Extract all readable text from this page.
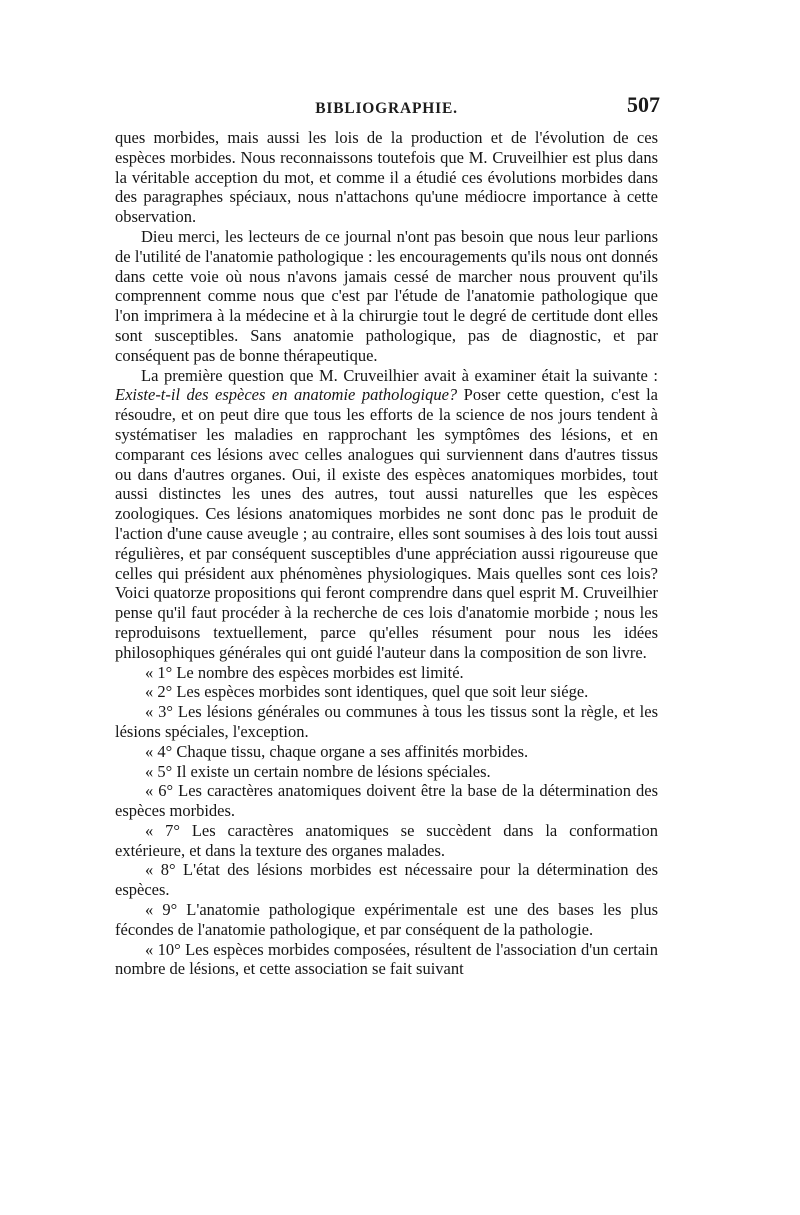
BIBLIOGRAPHIE.	507

ques morbides, mais aussi les lois de la production et de l'évolution de ces espèces morbides. Nous reconnaissons toutefois que M. Cruveilhier est plus dans la véritable acception du mot, et comme il a étudié ces évolutions morbides dans des paragraphes spéciaux, nous n'attachons qu'une médiocre importance à cette observation.

Dieu merci, les lecteurs de ce journal n'ont pas besoin que nous leur parlions de l'utilité de l'anatomie pathologique : les encouragements qu'ils nous ont donnés dans cette voie où nous n'avons jamais cessé de marcher nous prouvent qu'ils comprennent comme nous que c'est par l'étude de l'anatomie pathologique que l'on imprimera à la médecine et à la chirurgie tout le degré de certitude dont elles sont susceptibles. Sans anatomie pathologique, pas de diagnostic, et par conséquent pas de bonne thérapeutique.

La première question que M. Cruveilhier avait à examiner était la suivante : Existe-t-il des espèces en anatomie pathologique? Poser cette question, c'est la résoudre, et on peut dire que tous les efforts de la science de nos jours tendent à systématiser les maladies en rapprochant les symptômes des lésions, et en comparant ces lésions avec celles analogues qui surviennent dans d'autres tissus ou dans d'autres organes. Oui, il existe des espèces anatomiques morbides, tout aussi distinctes les unes des autres, tout aussi naturelles que les espèces zoologiques. Ces lésions anatomiques morbides ne sont donc pas le produit de l'action d'une cause aveugle ; au contraire, elles sont soumises à des lois tout aussi régulières, et par conséquent susceptibles d'une appréciation aussi rigoureuse que celles qui président aux phénomènes physiologiques. Mais quelles sont ces lois? Voici quatorze propositions qui feront comprendre dans quel esprit M. Cruveilhier pense qu'il faut procéder à la recherche de ces lois d'anatomie morbide ; nous les reproduisons textuellement, parce qu'elles résument pour nous les idées philosophiques générales qui ont guidé l'auteur dans la composition de son livre.

« 1° Le nombre des espèces morbides est limité.

« 2° Les espèces morbides sont identiques, quel que soit leur siége.

« 3° Les lésions générales ou communes à tous les tissus sont la règle, et les lésions spéciales, l'exception.

« 4° Chaque tissu, chaque organe a ses affinités morbides.

« 5° Il existe un certain nombre de lésions spéciales.

« 6° Les caractères anatomiques doivent être la base de la détermination des espèces morbides.

« 7° Les caractères anatomiques se succèdent dans la conformation extérieure, et dans la texture des organes malades.

« 8° L'état des lésions morbides est nécessaire pour la détermination des espèces.

« 9° L'anatomie pathologique expérimentale est une des bases les plus fécondes de l'anatomie pathologique, et par conséquent de la pathologie.

« 10° Les espèces morbides composées, résultent de l'association d'un certain nombre de lésions, et cette association se fait suivant
